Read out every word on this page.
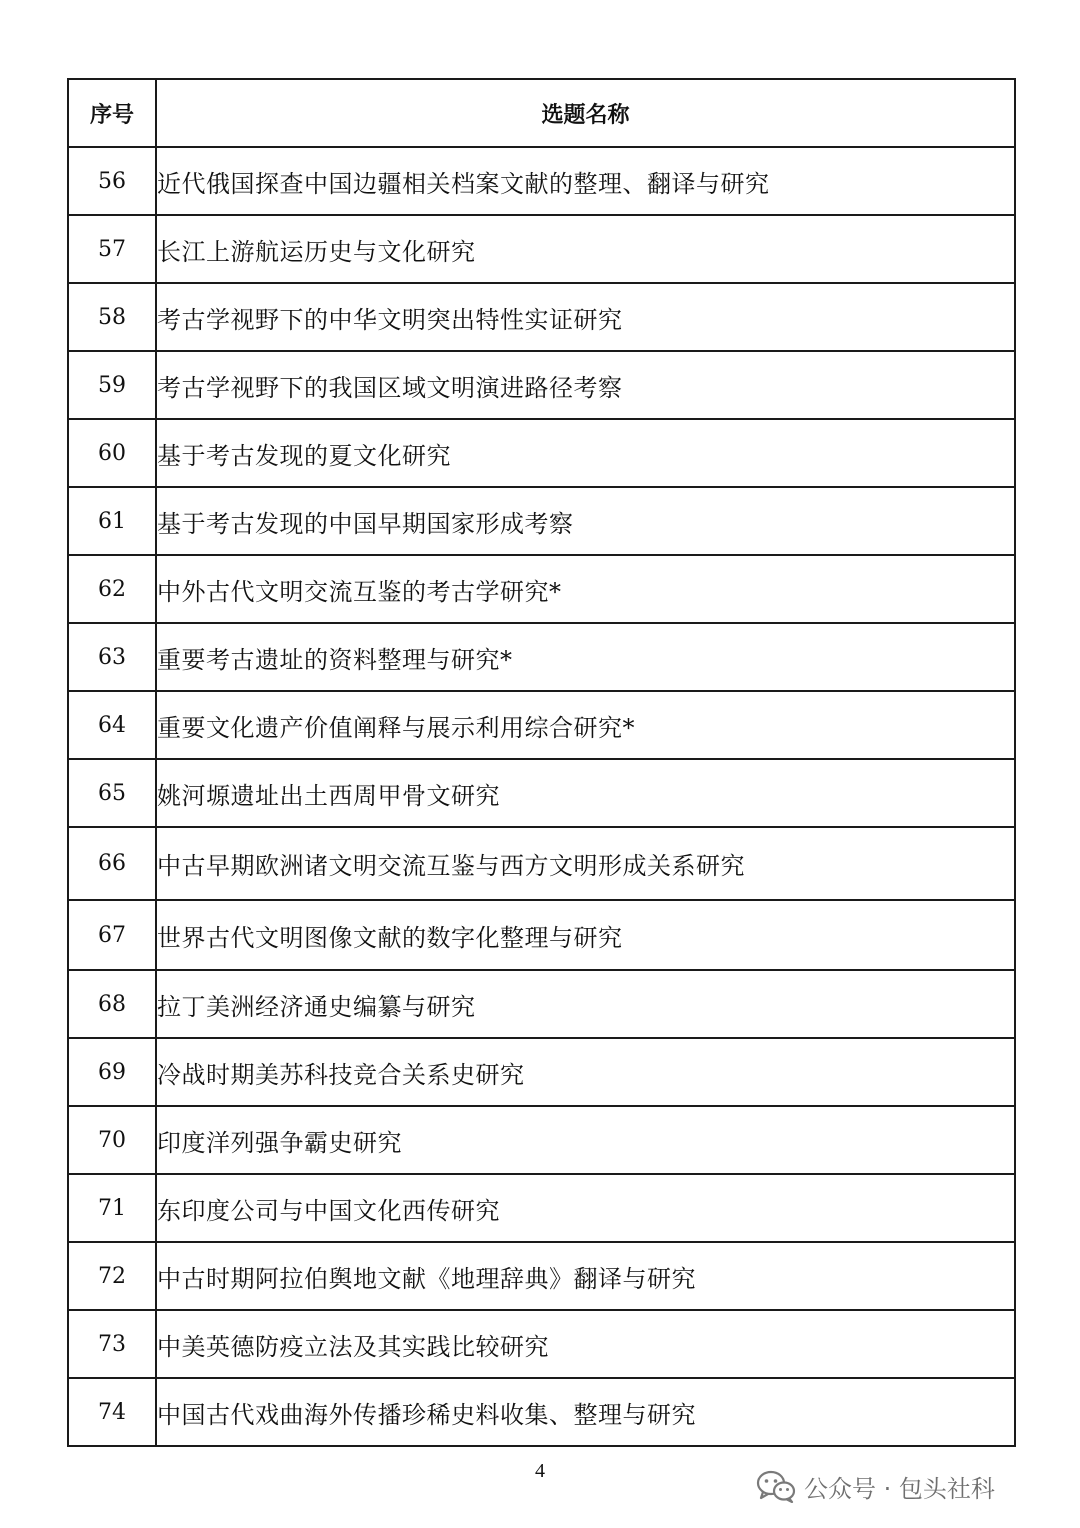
序号	选题名称
56	近代俄国探查中国边疆相关档案文献的整理、翻译与研究
57	长江上游航运历史与文化研究
58	考古学视野下的中华文明突出特性实证研究
59	考古学视野下的我国区域文明演进路径考察
60	基于考古发现的夏文化研究
61	基于考古发现的中国早期国家形成考察
62	中外古代文明交流互鉴的考古学研究*
63	重要考古遗址的资料整理与研究*
64	重要文化遗产价值阐释与展示利用综合研究*
65	姚河塬遗址出土西周甲骨文研究
66	中古早期欧洲诸文明交流互鉴与西方文明形成关系研究
67	世界古代文明图像文献的数字化整理与研究
68	拉丁美洲经济通史编纂与研究
69	冷战时期美苏科技竞合关系史研究
70	印度洋列强争霸史研究
71	东印度公司与中国文化西传研究
72	中古时期阿拉伯舆地文献《地理辞典》翻译与研究
73	中美英德防疫立法及其实践比较研究
74	中国古代戏曲海外传播珍稀史料收集、整理与研究
4
公众号 · 包头社科
